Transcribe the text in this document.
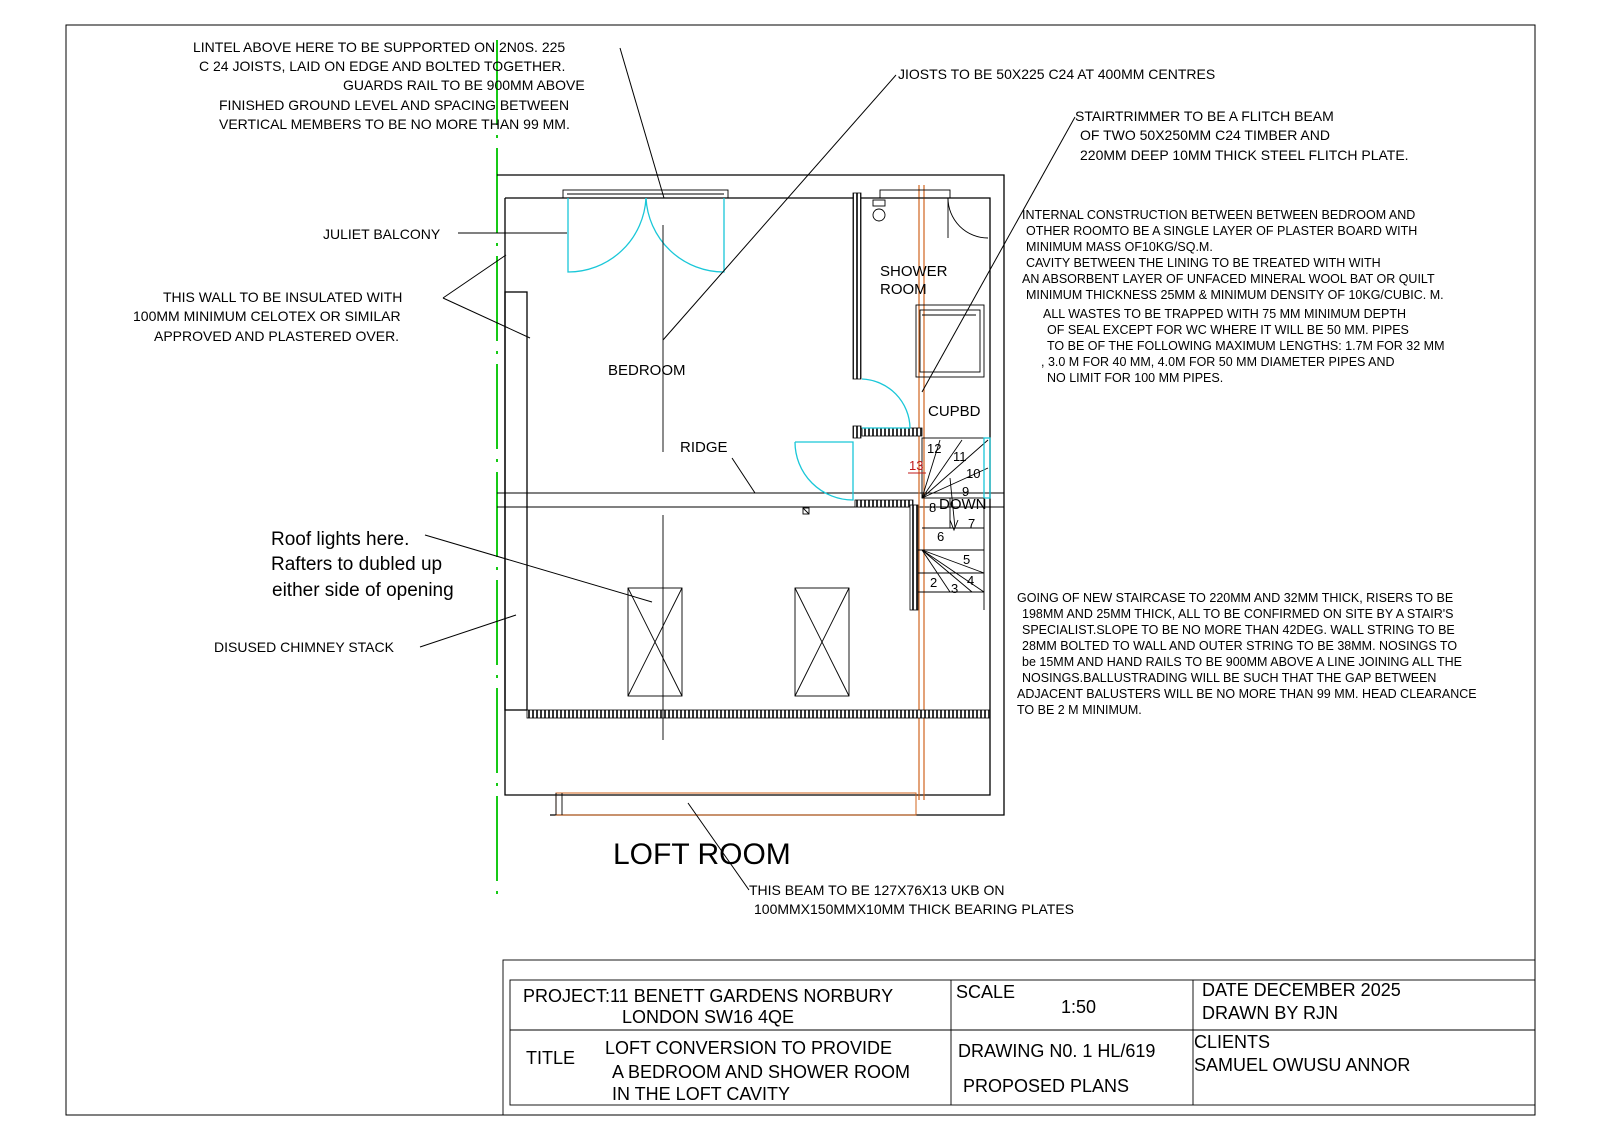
LINTEL ABOVE HERE TO BE SUPPORTED ON 2N0S. 225
C 24 JOISTS, LAID ON EDGE AND BOLTED TOGETHER.
GUARDS RAIL TO BE 900MM ABOVE
FINISHED GROUND LEVEL AND SPACING BETWEEN
VERTICAL MEMBERS TO BE NO MORE THAN 99 MM.
JIOSTS TO BE 50X225 C24 AT 400MM CENTRES
STAIRTRIMMER TO BE A FLITCH BEAM
OF TWO 50X250MM C24 TIMBER AND
220MM DEEP 10MM THICK STEEL FLITCH PLATE.
INTERNAL CONSTRUCTION BETWEEN BETWEEN BEDROOM AND
OTHER ROOMTO BE A SINGLE LAYER OF PLASTER BOARD WITH
MINIMUM MASS OF10KG/SQ.M.
CAVITY BETWEEN THE LINING TO BE TREATED WITH WITH
AN ABSORBENT LAYER OF UNFACED MINERAL WOOL BAT OR QUILT
MINIMUM THICKNESS 25MM & MINIMUM DENSITY OF 10KG/CUBIC. M.
ALL WASTES TO BE TRAPPED WITH 75 MM MINIMUM DEPTH
OF SEAL EXCEPT FOR WC WHERE IT WILL BE 50 MM. PIPES
TO BE OF THE FOLLOWING MAXIMUM LENGTHS: 1.7M FOR 32 MM
, 3.0 M FOR 40 MM, 4.0M FOR 50 MM DIAMETER PIPES AND
NO LIMIT FOR 100 MM PIPES.
JULIET BALCONY
THIS WALL TO BE INSULATED WITH
100MM MINIMUM CELOTEX OR SIMILAR
APPROVED AND PLASTERED OVER.
Roof lights here.
Rafters to dubled up
either side of opening
DISUSED CHIMNEY STACK
GOING OF NEW STAIRCASE TO 220MM AND 32MM THICK, RISERS TO BE
198MM AND 25MM THICK, ALL TO BE CONFIRMED ON SITE BY A STAIR'S
SPECIALIST.SLOPE TO BE NO MORE THAN 42DEG. WALL STRING TO BE
28MM BOLTED TO WALL AND OUTER STRING TO BE 38MM. NOSINGS TO
be 15MM AND HAND RAILS TO BE 900MM ABOVE A LINE JOINING ALL THE
NOSINGS.BALLUSTRADING WILL BE SUCH THAT THE GAP BETWEEN
ADJACENT BALUSTERS WILL BE NO MORE THAN 99 MM. HEAD CLEARANCE
TO BE 2 M MINIMUM.
THIS BEAM TO BE 127X76X13 UKB ON
100MMX150MMX10MM THICK BEARING PLATES
SHOWER
ROOM
BEDROOM
CUPBD
RIDGE
DOWN
LOFT ROOM
12
11
13
10
9
8
7
6
5
4
3
2
PROJECT:11 BENETT GARDENS NORBURY
LONDON SW16 4QE
SCALE
1:50
DATE DECEMBER 2025
DRAWN BY RJN
TITLE LOFT CONVERSION TO PROVIDE
A BEDROOM AND SHOWER ROOM
IN THE LOFT CAVITY
DRAWING N0. 1 HL/619
PROPOSED PLANS
CLIENTS
SAMUEL OWUSU ANNOR
